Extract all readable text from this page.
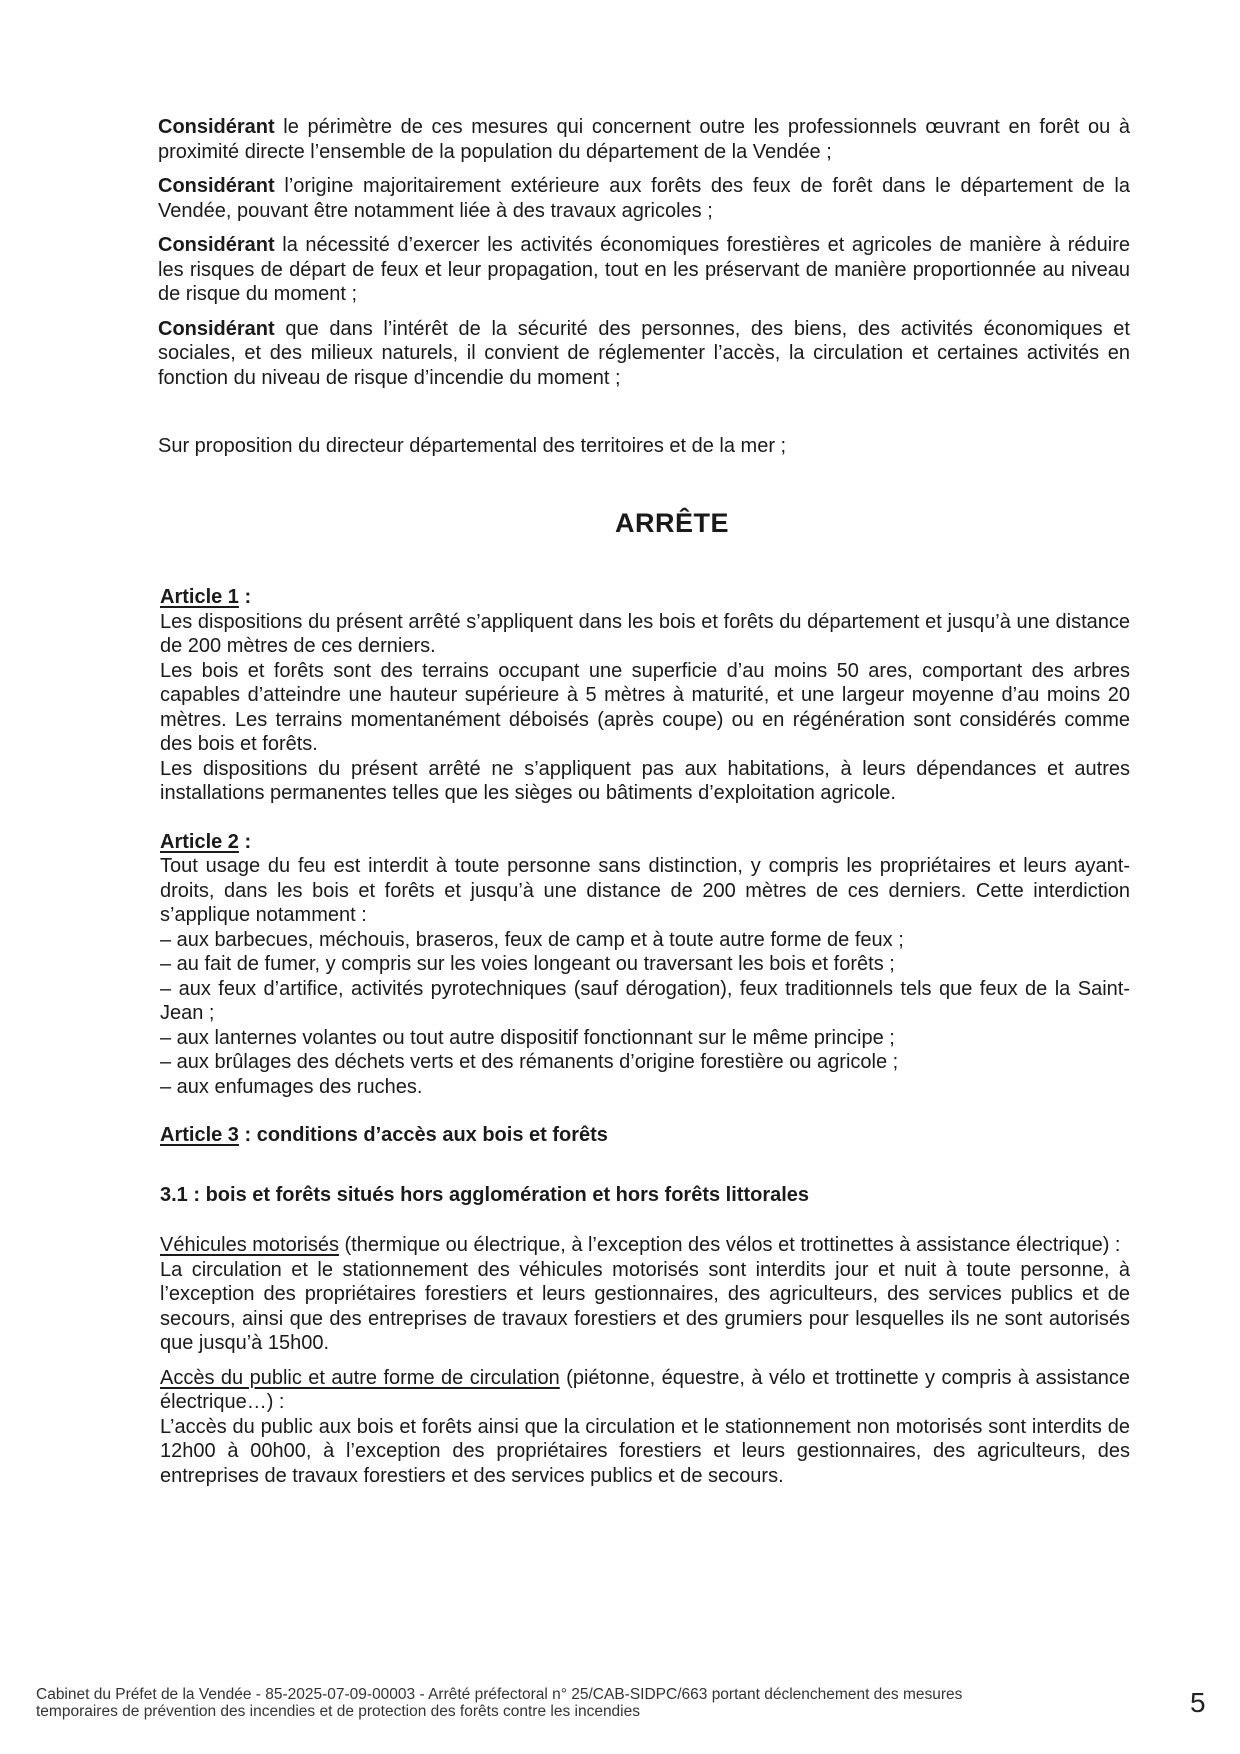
Considérant le périmètre de ces mesures qui concernent outre les professionnels œuvrant en forêt ou à proximité directe l’ensemble de la population du département de la Vendée ;

Considérant l’origine majoritairement extérieure aux forêts des feux de forêt dans le département de la Vendée, pouvant être notamment liée à des travaux agricoles ;

Considérant la nécessité d’exercer les activités économiques forestières et agricoles de manière à réduire les risques de départ de feux et leur propagation, tout en les préservant de manière proportionnée au niveau de risque du moment ;

Considérant que dans l’intérêt de la sécurité des personnes, des biens, des activités économiques et sociales, et des milieux naturels, il convient de réglementer l’accès, la circulation et certaines activités en fonction du niveau de risque d’incendie du moment ;

Sur proposition du directeur départemental des territoires et de la mer ;

ARRÊTE

Article 1 :

Les dispositions du présent arrêté s’appliquent dans les bois et forêts du département et jusqu’à une distance de 200 mètres de ces derniers.

Les bois et forêts sont des terrains occupant une superficie d’au moins 50 ares, comportant des arbres capables d’atteindre une hauteur supérieure à 5 mètres à maturité, et une largeur moyenne d’au moins 20 mètres. Les terrains momentanément déboisés (après coupe) ou en régénération sont considérés comme des bois et forêts.

Les dispositions du présent arrêté ne s’appliquent pas aux habitations, à leurs dépendances et autres installations permanentes telles que les sièges ou bâtiments d’exploitation agricole.

Article 2 :

Tout usage du feu est interdit à toute personne sans distinction, y compris les propriétaires et leurs ayant-droits, dans les bois et forêts et jusqu’à une distance de 200 mètres de ces derniers. Cette interdiction s’applique notamment :

– aux barbecues, méchouis, braseros, feux de camp et à toute autre forme de feux ;

– au fait de fumer, y compris sur les voies longeant ou traversant les bois et forêts ;

– aux feux d’artifice, activités pyrotechniques (sauf dérogation), feux traditionnels tels que feux de la Saint-Jean ;

– aux lanternes volantes ou tout autre dispositif fonctionnant sur le même principe ;

– aux brûlages des déchets verts et des rémanents d’origine forestière ou agricole ;

– aux enfumages des ruches.

Article 3 : conditions d’accès aux bois et forêts

3.1 : bois et forêts situés hors agglomération et hors forêts littorales

Véhicules motorisés (thermique ou électrique, à l’exception des vélos et trottinettes à assistance électrique) :

La circulation et le stationnement des véhicules motorisés sont interdits jour et nuit à toute personne, à l’exception des propriétaires forestiers et leurs gestionnaires, des agriculteurs, des services publics et de secours, ainsi que des entreprises de travaux forestiers et des grumiers pour lesquelles ils ne sont autorisés que jusqu’à 15h00.

Accès du public et autre forme de circulation (piétonne, équestre, à vélo et trottinette y compris à assistance électrique…) :

L’accès du public aux bois et forêts ainsi que la circulation et le stationnement non motorisés sont interdits de 12h00 à 00h00, à l’exception des propriétaires forestiers et leurs gestionnaires, des agriculteurs, des entreprises de travaux forestiers et des services publics et de secours.

Cabinet du Préfet de la Vendée - 85-2025-07-09-00003 - Arrêté préfectoral n° 25/CAB-SIDPC/663 portant déclenchement des mesures
temporaires de prévention des incendies et de protection des forêts contre les incendies	5
